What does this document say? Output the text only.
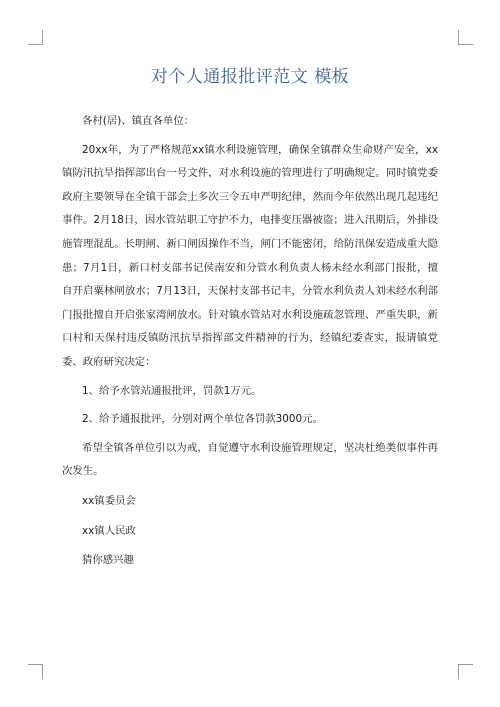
对个人通报批评范文 模板

各村(居)、镇直各单位：

20xx年，为了严格规范xx镇水利设施管理，确保全镇群众生命财产安全，xx镇防汛抗旱指挥部出台一号文件，对水利设施的管理进行了明确规定。同时镇党委政府主要领导在全镇干部会上多次三令五申严明纪律，然而今年依然出现几起违纪事件。2月18日，因水管站职工守护不力，电排变压器被盗；进入汛期后，外排设施管理混乱。长明闸、新口闸因操作不当，闸门不能密闭，给防汛保安造成重大隐患；7月1日，新口村支部书记侯南安和分管水利负责人杨未经水利部门报批，擅自开启粟林闸放水；7月13日，天保村支部书记丰，分管水利负责人刘未经水利部门报批擅自开启张家湾闸放水。针对镇水管站对水利设施疏忽管理、严重失职，新口村和天保村违反镇防汛抗旱指挥部文件精神的行为，经镇纪委查实，报请镇党委、政府研究决定：

1、给予水管站通报批评，罚款1万元。

2、给予通报批评，分别对两个单位各罚款3000元。

希望全镇各单位引以为戒，自觉遵守水利设施管理规定，坚决杜绝类似事件再次发生。

xx镇委员会

xx镇人民政

猜你感兴趣
